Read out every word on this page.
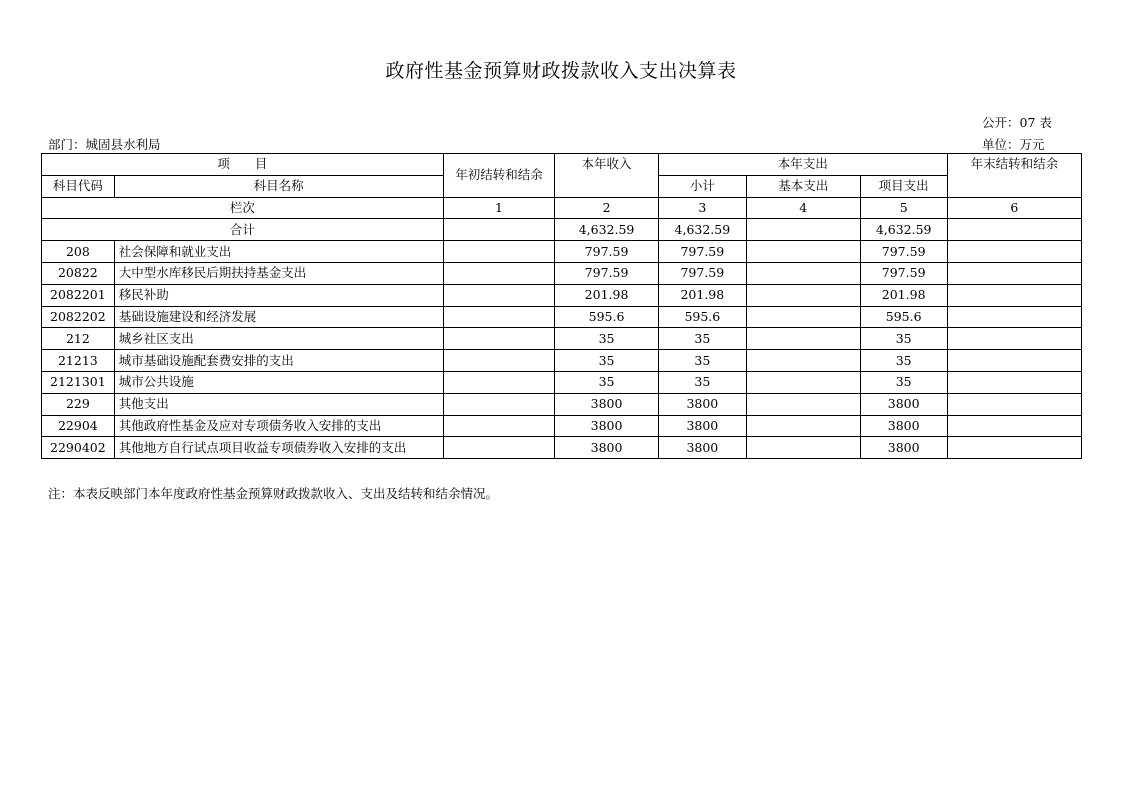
政府性基金预算财政拨款收入支出决算表
公开：07 表
部门：城固县水利局	单位：万元
项　　目		年初结转和结余	本年收入	本年支出			年末结转和结余
科目代码	科目名称			小计	基本支出	项目支出	
栏次		1	2	3	4	5	6
合计			4,632.59	4,632.59		4,632.59	
208	社会保障和就业支出		797.59	797.59		797.59	
20822	大中型水库移民后期扶持基金支出		797.59	797.59		797.59	
2082201	移民补助		201.98	201.98		201.98	
2082202	基础设施建设和经济发展		595.6	595.6		595.6	
212	城乡社区支出		35	35		35	
21213	城市基础设施配套费安排的支出		35	35		35	
2121301	城市公共设施		35	35		35	
229	其他支出		3800	3800		3800	
22904	其他政府性基金及应对专项债务收入安排的支出		3800	3800		3800	
2290402	其他地方自行试点项目收益专项债券收入安排的支出		3800	3800		3800	
注：本表反映部门本年度政府性基金预算财政拨款收入、支出及结转和结余情况。
